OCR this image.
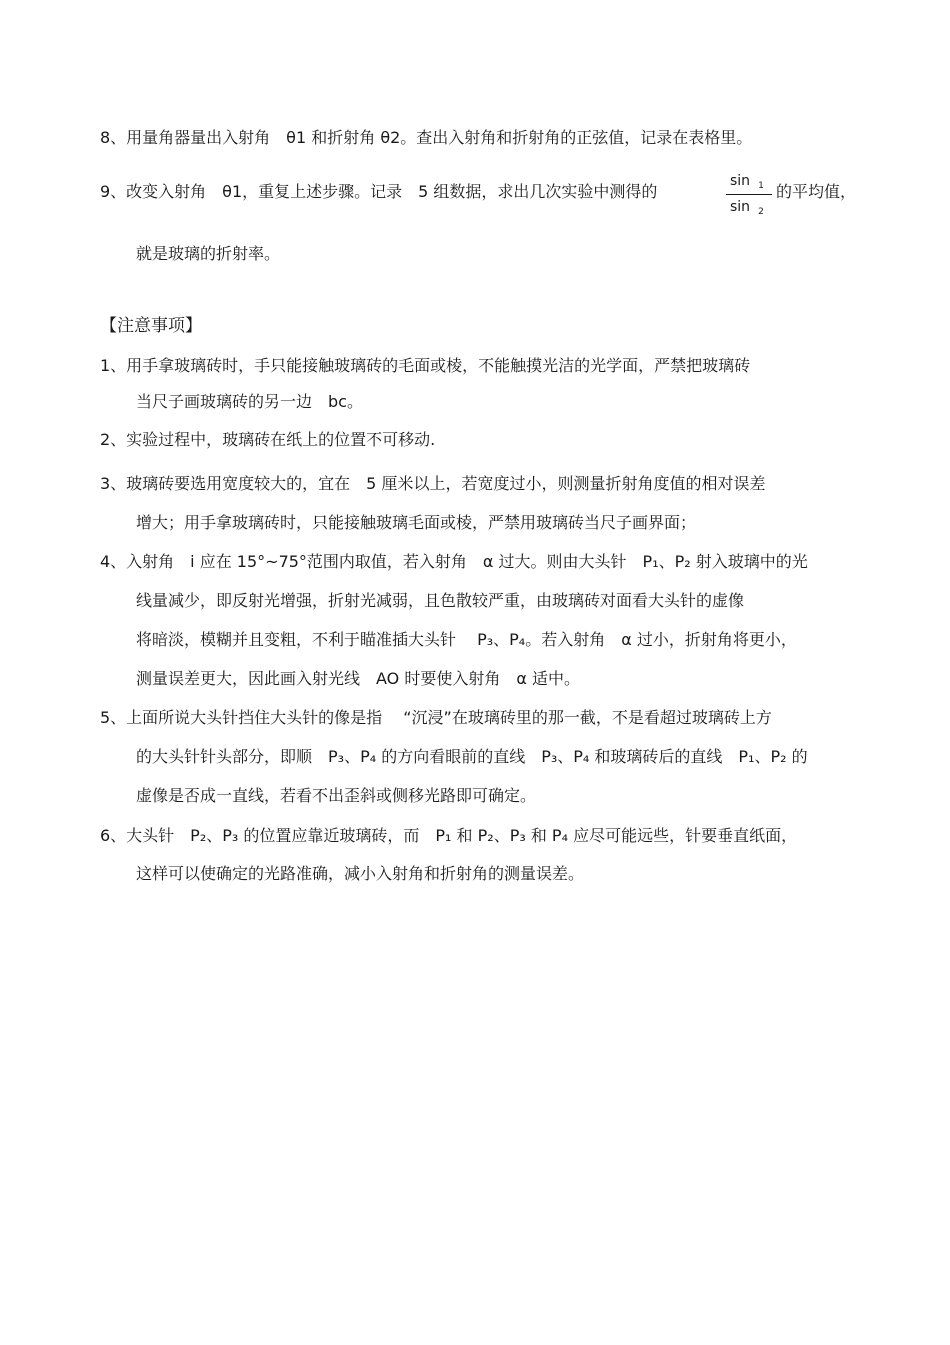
8、用量角器量出入射角　θ1 和折射角 θ2。查出入射角和折射角的正弦值，记录在表格里。
9、改变入射角　θ1，重复上述步骤。记录　5 组数据，求出几次实验中测得的
sin $_1$
sin $_2$
的平均值，
就是玻璃的折射率。
【注意事项】
1、用手拿玻璃砖时，手只能接触玻璃砖的毛面或棱，不能触摸光洁的光学面，严禁把玻璃砖
当尺子画玻璃砖的另一边　bc。
2、实验过程中，玻璃砖在纸上的位置不可移动.
3、玻璃砖要选用宽度较大的，宜在　5 厘米以上，若宽度过小，则测量折射角度值的相对误差
增大；用手拿玻璃砖时，只能接触玻璃毛面或棱，严禁用玻璃砖当尺子画界面；
4、入射角　i 应在 15°~75°范围内取值，若入射角　α 过大。则由大头针　P₁、P₂ 射入玻璃中的光
线量减少，即反射光增强，折射光减弱，且色散较严重，由玻璃砖对面看大头针的虚像
将暗淡，模糊并且变粗，不利于瞄准插大头针　 P₃、P₄。若入射角　α 过小，折射角将更小，
测量误差更大，因此画入射光线　AO 时要使入射角　α 适中。
5、上面所说大头针挡住大头针的像是指　 “沉浸”在玻璃砖里的那一截，不是看超过玻璃砖上方
的大头针针头部分，即顺　P₃、P₄ 的方向看眼前的直线　P₃、P₄ 和玻璃砖后的直线　P₁、P₂ 的
虚像是否成一直线，若看不出歪斜或侧移光路即可确定。
6、大头针　P₂、P₃ 的位置应靠近玻璃砖，而　P₁ 和 P₂、P₃ 和 P₄ 应尽可能远些，针要垂直纸面，
这样可以使确定的光路准确，减小入射角和折射角的测量误差。
